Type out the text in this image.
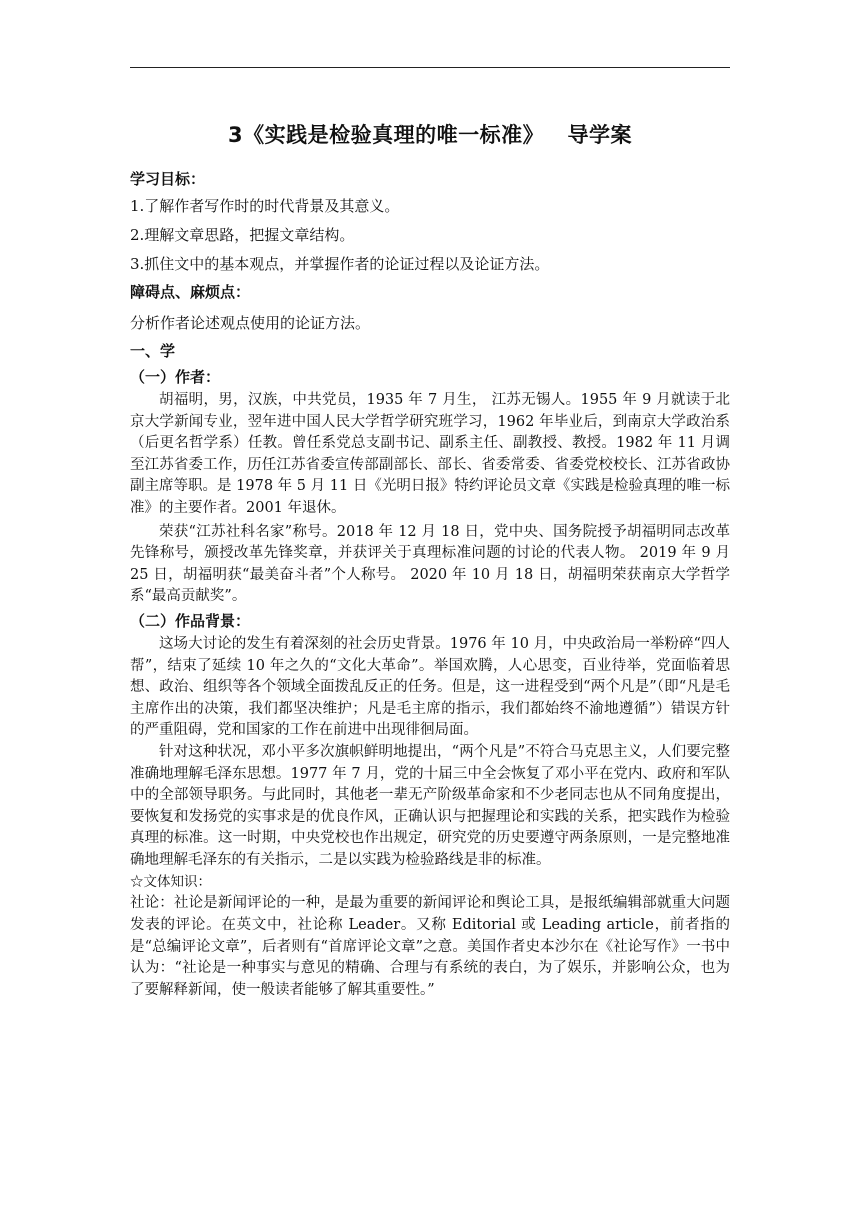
3《实践是检验真理的唯一标准》   导学案

学习目标：

1.了解作者写作时的时代背景及其意义。

2.理解文章思路，把握文章结构。

3.抓住文中的基本观点，并掌握作者的论证过程以及论证方法。

障碍点、麻烦点：

分析作者论述观点使用的论证方法。

一、学

（一）作者：

胡福明，男，汉族，中共党员，1935 年 7 月生， 江苏无锡人。1955 年 9 月就读于北京大学新闻专业，翌年进中国人民大学哲学研究班学习，1962 年毕业后，到南京大学政治系（后更名哲学系）任教。曾任系党总支副书记、副系主任、副教授、教授。1982 年 11 月调至江苏省委工作，历任江苏省委宣传部副部长、部长、省委常委、省委党校校长、江苏省政协副主席等职。是 1978 年 5 月 11 日《光明日报》特约评论员文章《实践是检验真理的唯一标准》的主要作者。2001 年退休。

荣获“江苏社科名家”称号。2018 年 12 月 18 日，党中央、国务院授予胡福明同志改革先锋称号，颁授改革先锋奖章，并获评关于真理标准问题的讨论的代表人物。 2019 年 9 月 25 日，胡福明获“最美奋斗者”个人称号。 2020 年 10 月 18 日，胡福明荣获南京大学哲学系“最高贡献奖”。

（二）作品背景：

这场大讨论的发生有着深刻的社会历史背景。1976 年 10 月，中央政治局一举粉碎“四人帮”，结束了延续 10 年之久的“文化大革命”。举国欢腾，人心思变，百业待举，党面临着思想、政治、组织等各个领域全面拨乱反正的任务。但是，这一进程受到“两个凡是”（即“凡是毛主席作出的决策，我们都坚决维护；凡是毛主席的指示，我们都始终不渝地遵循”）错误方针的严重阻碍，党和国家的工作在前进中出现徘徊局面。

针对这种状况，邓小平多次旗帜鲜明地提出，“两个凡是”不符合马克思主义，人们要完整准确地理解毛泽东思想。1977 年 7 月，党的十届三中全会恢复了邓小平在党内、政府和军队中的全部领导职务。与此同时，其他老一辈无产阶级革命家和不少老同志也从不同角度提出，要恢复和发扬党的实事求是的优良作风，正确认识与把握理论和实践的关系，把实践作为检验真理的标准。这一时期，中央党校也作出规定，研究党的历史要遵守两条原则，一是完整地准确地理解毛泽东的有关指示，二是以实践为检验路线是非的标准。

☆文体知识：

社论：社论是新闻评论的一种，是最为重要的新闻评论和舆论工具，是报纸编辑部就重大问题发表的评论。在英文中，社论称 Leader。又称 Editorial 或 Leading article，前者指的是“总编评论文章”，后者则有“首席评论文章”之意。美国作者史本沙尔在《社论写作》一书中认为：“社论是一种事实与意见的精确、合理与有系统的表白，为了娱乐，并影响公众，也为了要解释新闻，使一般读者能够了解其重要性。”
